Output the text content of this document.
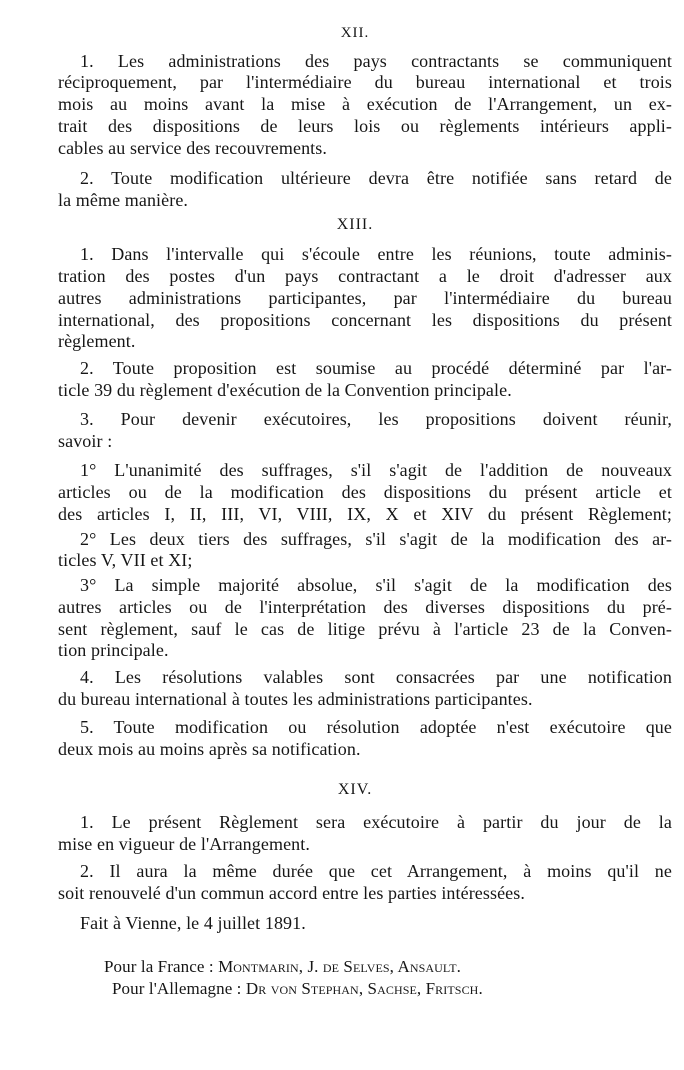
XII.
1. Les administrations des pays contractants se communiquent
réciproquement, par l'intermédiaire du bureau international et trois
mois au moins avant la mise à exécution de l'Arrangement, un ex-
trait des dispositions de leurs lois ou règlements intérieurs appli-
cables au service des recouvrements.
2. Toute modification ultérieure devra être notifiée sans retard de
la même manière.
XIII.
1. Dans l'intervalle qui s'écoule entre les réunions, toute adminis-
tration des postes d'un pays contractant a le droit d'adresser aux
autres administrations participantes, par l'intermédiaire du bureau
international, des propositions concernant les dispositions du présent
règlement.
2. Toute proposition est soumise au procédé déterminé par l'ar-
ticle 39 du règlement d'exécution de la Convention principale.
3. Pour devenir exécutoires, les propositions doivent réunir,
savoir :
1° L'unanimité des suffrages, s'il s'agit de l'addition de nouveaux
articles ou de la modification des dispositions du présent article et
des articles I, II, III, VI, VIII, IX, X et XIV du présent Règlement;
2° Les deux tiers des suffrages, s'il s'agit de la modification des ar-
ticles V, VII et XI;
3° La simple majorité absolue, s'il s'agit de la modification des
autres articles ou de l'interprétation des diverses dispositions du pré-
sent règlement, sauf le cas de litige prévu à l'article 23 de la Conven-
tion principale.
4. Les résolutions valables sont consacrées par une notification
du bureau international à toutes les administrations participantes.
5. Toute modification ou résolution adoptée n'est exécutoire que
deux mois au moins après sa notification.
XIV.
1. Le présent Règlement sera exécutoire à partir du jour de la
mise en vigueur de l'Arrangement.
2. Il aura la même durée que cet Arrangement, à moins qu'il ne
soit renouvelé d'un commun accord entre les parties intéressées.
Fait à Vienne, le 4 juillet 1891.
Pour la France : Montmarin, J. de Selves, Ansault.
Pour l'Allemagne : Dr von Stephan, Sachse, Fritsch.
